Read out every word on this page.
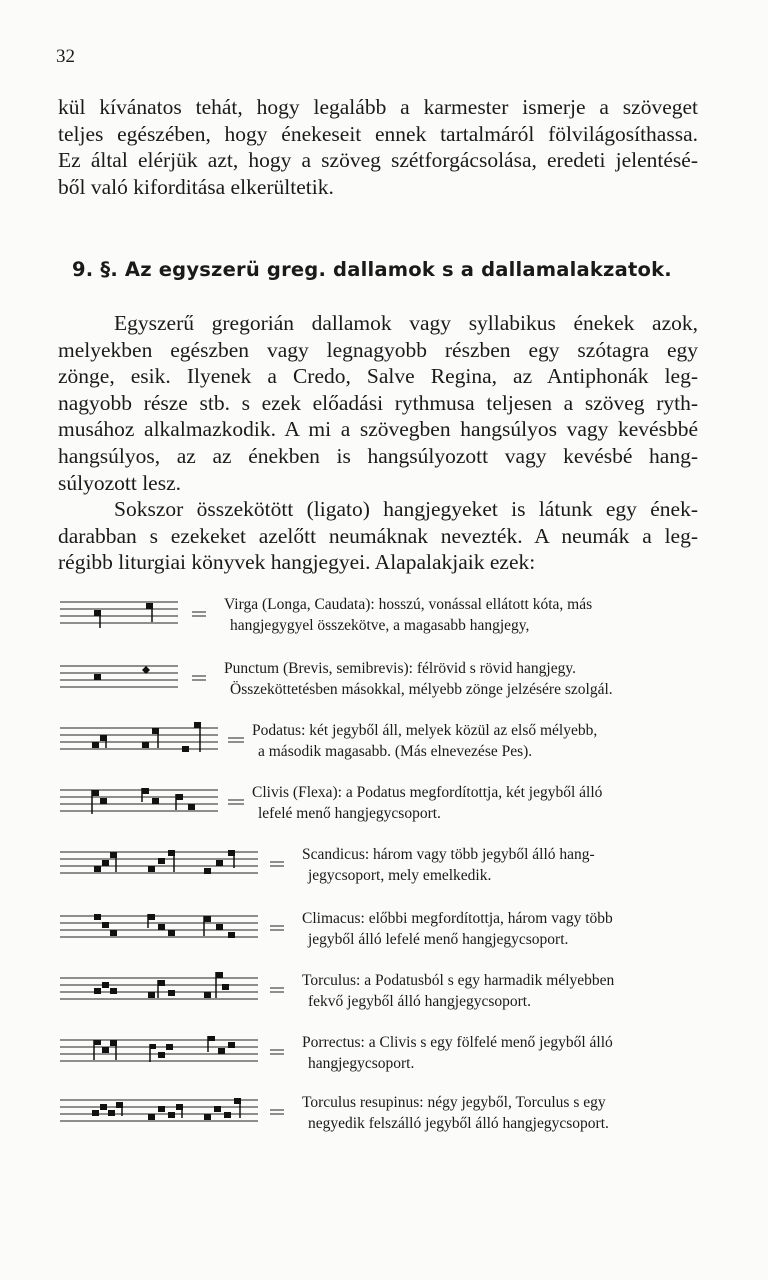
32
kül kívánatos tehát, hogy legalább a karmester ismerje a szöveget
teljes egészében, hogy énekeseit ennek tartalmáról fölvilágosíthassa.
Ez által elérjük azt, hogy a szöveg szétforgácsolása, eredeti jelentésé-
ből való kiforditása elkerültetik.
9. §. Az egyszerü greg. dallamok s a dallamalakzatok.
Egyszerű gregorián dallamok vagy syllabikus énekek azok,
melyekben egészben vagy legnagyobb részben egy szótagra egy
zönge, esik. Ilyenek a Credo, Salve Regina, az Antiphonák leg-
nagyobb része stb. s ezek előadási rythmusa teljesen a szöveg ryth-
musához alkalmazkodik. A mi a szövegben hangsúlyos vagy kevésbbé
hangsúlyos, az az énekben is hangsúlyozott vagy kevésbé hang-
súlyozott lesz.
Sokszor összekötött (ligato) hangjegyeket is látunk egy ének-
darabban s ezekeket azelőtt neumáknak nevezték. A neumák a leg-
régibb liturgiai könyvek hangjegyei. Alapalakjaik ezek:
Virga (Longa, Caudata): hosszú, vonással ellátott kóta, más
hangjegygyel összekötve, a magasabb hangjegy,
Punctum (Brevis, semibrevis): félrövid s rövid hangjegy.
Összeköttetésben másokkal, mélyebb zönge jelzésére szolgál.
Podatus: két jegyből áll, melyek közül az első mélyebb,
a második magasabb. (Más elnevezése Pes).
Clivis (Flexa): a Podatus megfordítottja, két jegyből álló
lefelé menő hangjegycsoport.
Scandicus: három vagy több jegyből álló hang-
jegycsoport, mely emelkedik.
Climacus: előbbi megfordítottja, három vagy több
jegyből álló lefelé menő hangjegycsoport.
Torculus: a Podatusból s egy harmadik mélyebben
fekvő jegyből álló hangjegycsoport.
Porrectus: a Clivis s egy fölfelé menő jegyből álló
hangjegycsoport.
Torculus resupinus: négy jegyből, Torculus s egy
negyedik felszálló jegyből álló hangjegycsoport.
